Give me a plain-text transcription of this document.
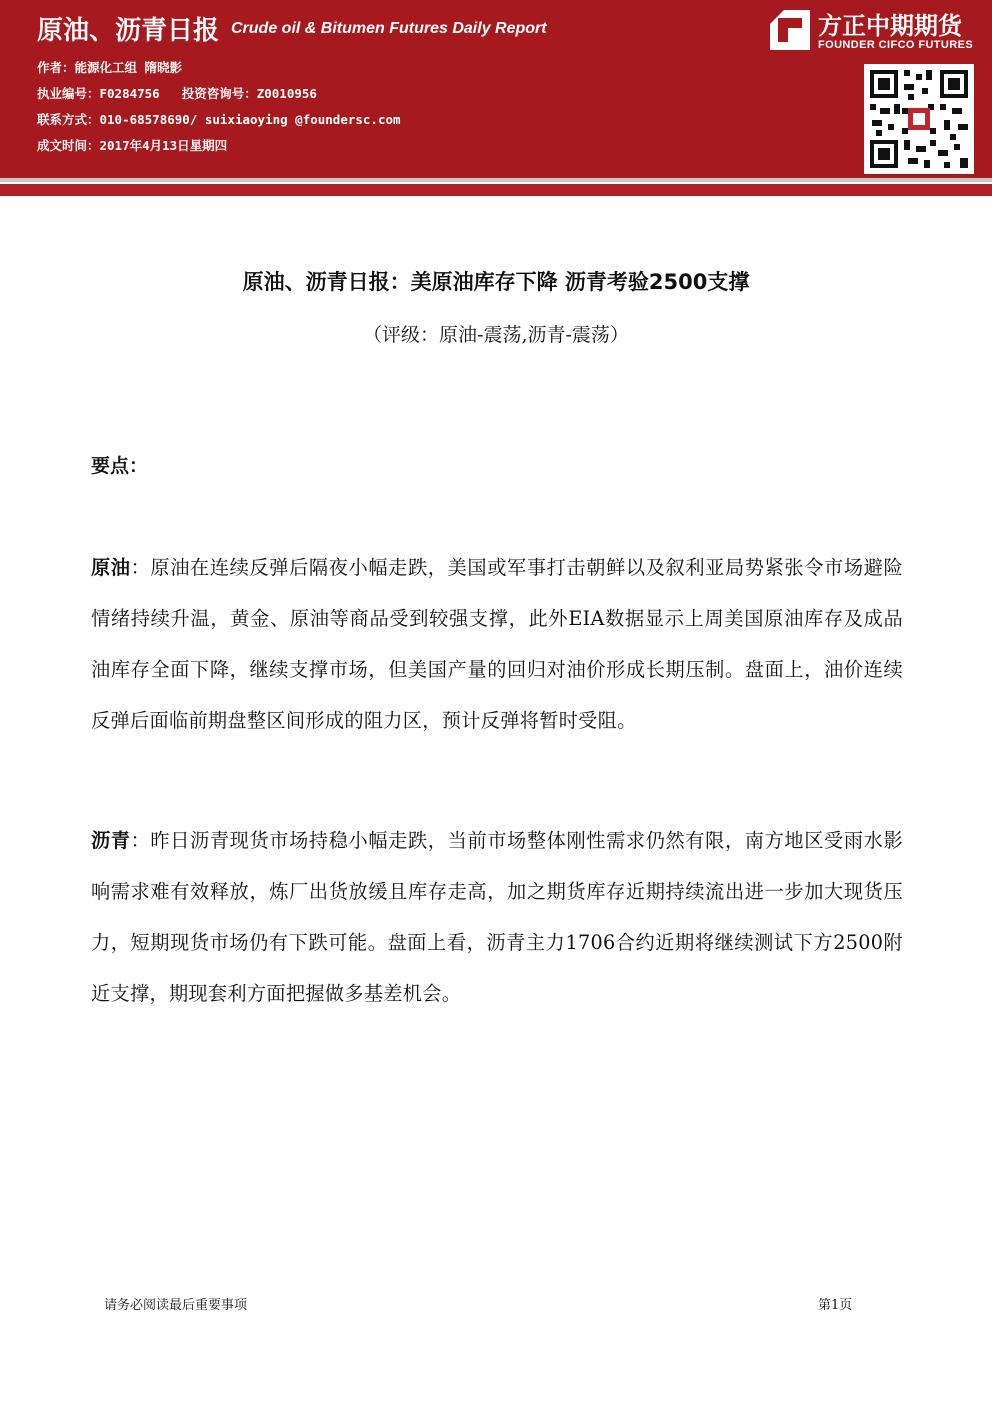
原油、沥青日报 Crude oil & Bitumen Futures Daily Report
作者：能源化工组 隋晓影
执业编号：F0284756 投资咨询号：Z0010956
联系方式：010-68578690/ suixiaoying @foundersc.com
成文时间：2017年4月13日星期四
方正中期期货
FOUNDER CIFCO FUTURES
原油、沥青日报：美原油库存下降 沥青考验2500支撑
（评级：原油-震荡,沥青-震荡）
要点：
原油：原油在连续反弹后隔夜小幅走跌，美国或军事打击朝鲜以及叙利亚局势紧张令市场避险情绪持续升温，黄金、原油等商品受到较强支撑，此外EIA数据显示上周美国原油库存及成品油库存全面下降，继续支撑市场，但美国产量的回归对油价形成长期压制。盘面上，油价连续反弹后面临前期盘整区间形成的阻力区，预计反弹将暂时受阻。
沥青：昨日沥青现货市场持稳小幅走跌，当前市场整体刚性需求仍然有限，南方地区受雨水影响需求难有效释放，炼厂出货放缓且库存走高，加之期货库存近期持续流出进一步加大现货压力，短期现货市场仍有下跌可能。盘面上看，沥青主力1706合约近期将继续测试下方2500附近支撑，期现套利方面把握做多基差机会。
请务必阅读最后重要事项	第1页
